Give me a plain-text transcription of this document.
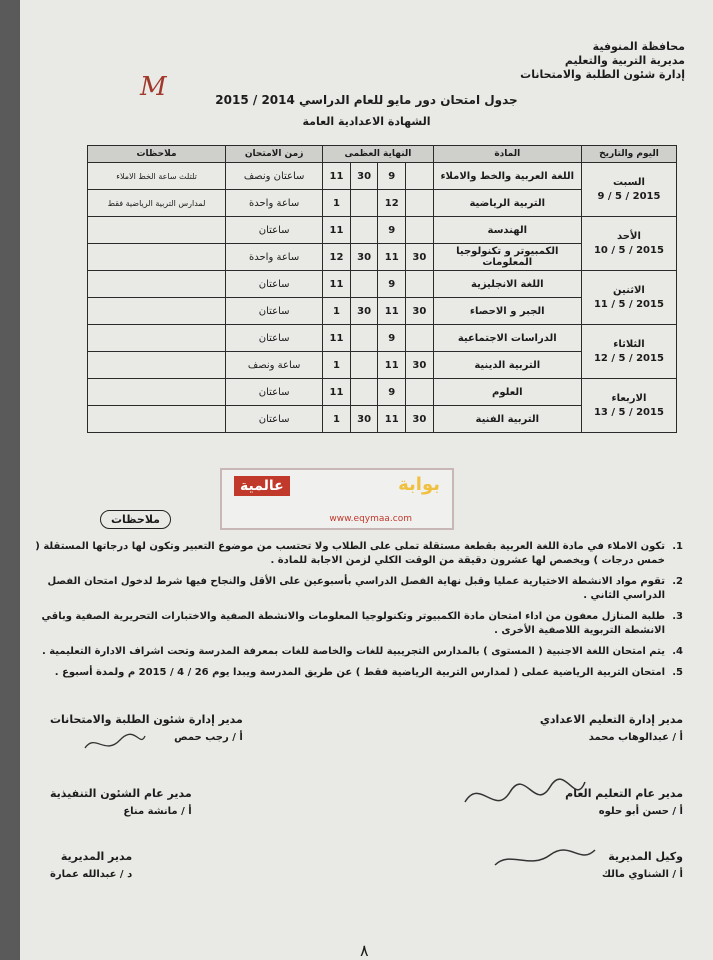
محافظة المنوفية
مديرية التربية والتعليم
إدارة شئون الطلبة والامتحانات
M	جدول امتحان دور مايو للعام الدراسي 2014 / 2015
الشهادة الاعدادية العامة
اليوم والتاريخ	المادة	النهاية العظمى				زمن الامتحان	ملاحظات

السبت
2015 / 5 / 9	اللغة العربية والخط والاملاء		9	30	11	ساعتان ونصف	تلتلث ساعة الخط الاملاء
	التربية الرياضية		12		1	ساعة واحدة	لمدارس التربية الرياضية فقط

الأحد
2015 / 5 / 10	الهندسة		9		11	ساعتان	
	الكمبيوتر و تكنولوجيا المعلومات	30	11	30	12	ساعة واحدة	

الاثنين
2015 / 5 / 11	اللغة الانجليزية		9		11	ساعتان	
	الجبر و الاحصاء	30	11	30	1	ساعتان	

الثلاثاء
2015 / 5 / 12	الدراسات الاجتماعية		9		11	ساعتان	
	التربية الدينية	30	11		1	ساعة ونصف	

الاربعاء
2015 / 5 / 13	العلوم		9		11	ساعتان	
	التربية الفنية	30	11	30	1	ساعتان	
عالمية	بوابة
www.eqymaa.com
ملاحظات
1.
تكون الاملاء في مادة اللغة العربية بقطعة مستقلة تملى على الطلاب ولا تحتسب من موضوع التعبير وتكون لها درجاتها المستقلة ( خمس درجات ) ويخصص لها عشرون دقيقة من الوقت الكلي لزمن الاجابة للمادة .
2.
تقوم مواد الانشطة الاختيارية عمليا وقبل نهاية الفصل الدراسي بأسبوعين على الأقل والنجاح فيها شرط لدخول امتحان الفصل الدراسي الثاني .
3.
طلبة المنازل معفون من اداء امتحان مادة الكمبيوتر وتكنولوجيا المعلومات والانشطة الصفية والاختبارات التحريرية الصفية وباقي الانشطة التربوية اللاصفية الأخرى .
4.
يتم امتحان اللغة الاجنبية ( المستوى ) بالمدارس التجريبية للغات والخاصة للغات بمعرفة المدرسة وتحت اشراف الادارة التعليمية .
5.
امتحان التربية الرياضية عملى ( لمدارس التربية الرياضية فقط ) عن طريق المدرسة ويبدا يوم 26 / 4 / 2015 م ولمدة أسبوع .
مدير إدارة التعليم الاعدادي
أ / عبدالوهاب محمد
مدير إدارة شئون الطلبة والامتحانات
أ / رجب حمص
مدير عام التعليم العام
أ / حسن أبو حلوه
مدير عام الشئون التنفيذية
أ / مانشة مناع
وكيل المديرية
أ / الشناوي مالك
مدير المديرية
د / عبدالله عمارة
٨
